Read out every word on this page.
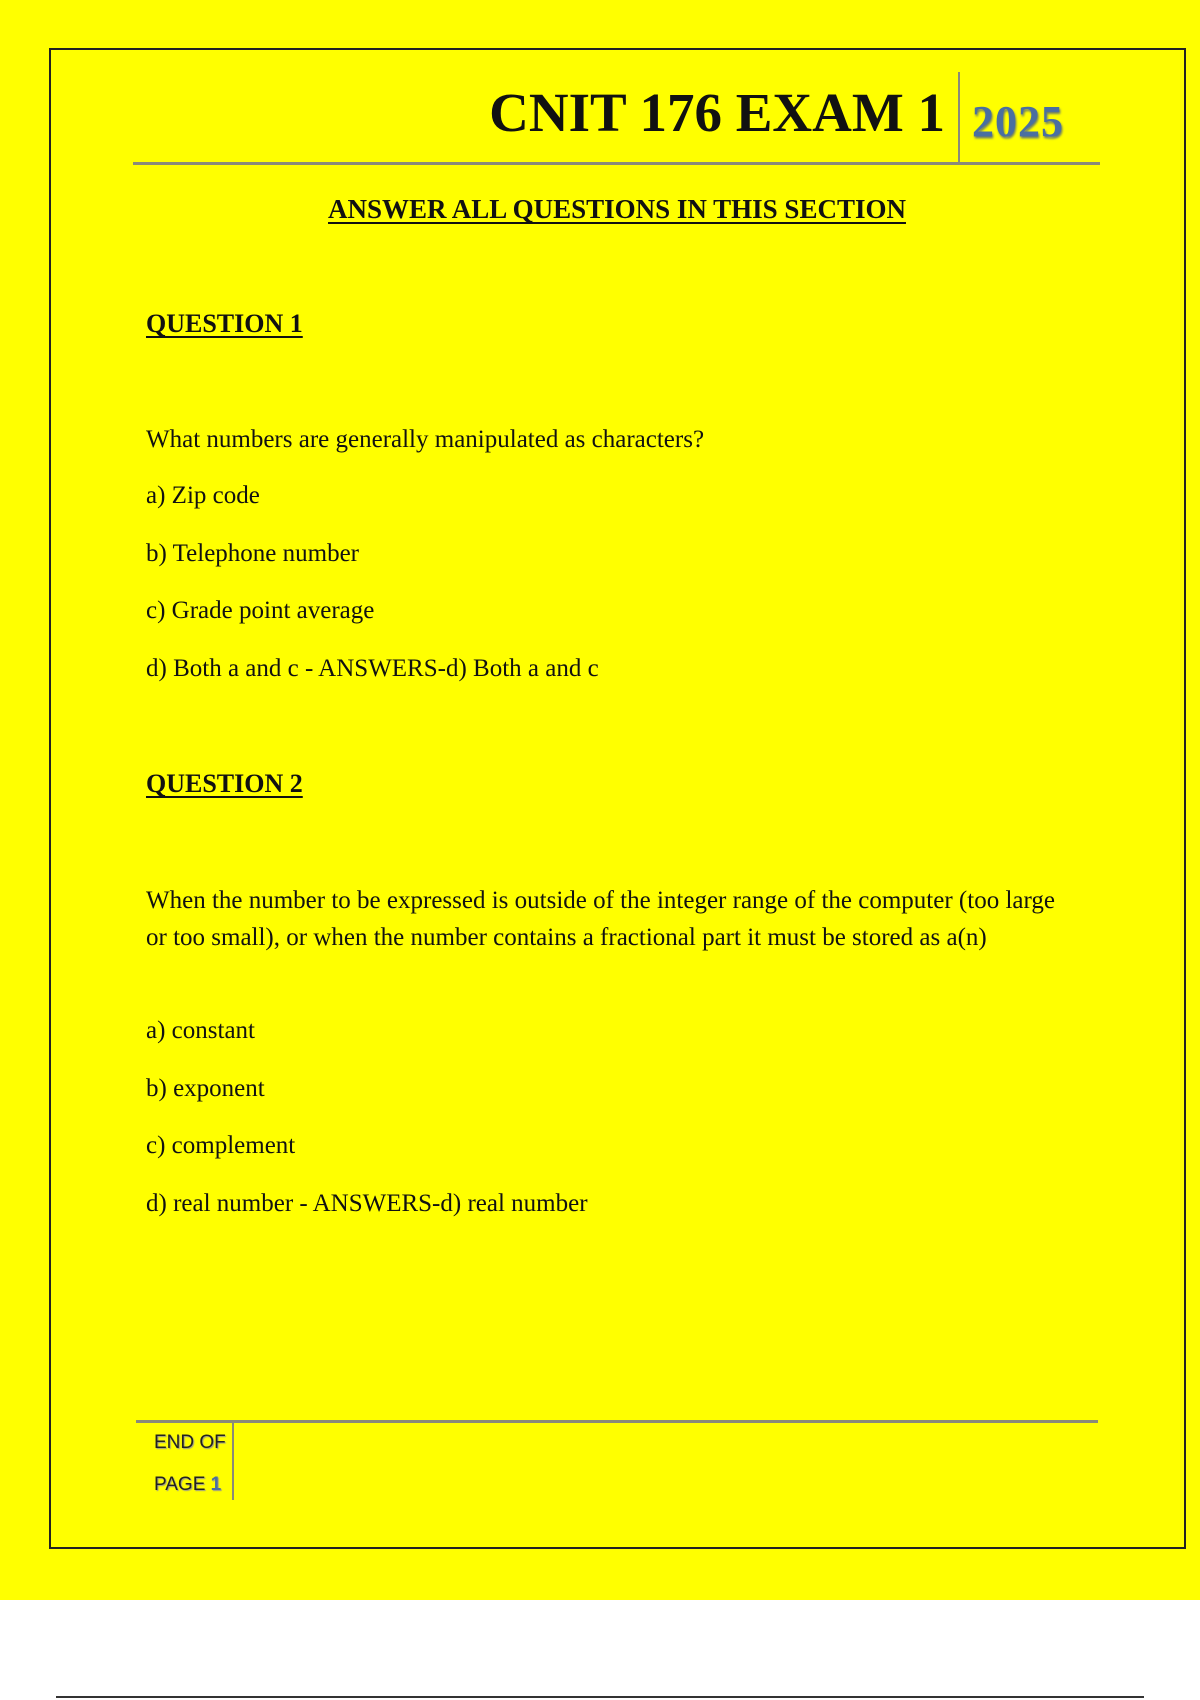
CNIT 176 EXAM 1 2025
ANSWER ALL QUESTIONS IN THIS SECTION
QUESTION 1
What numbers are generally manipulated as characters?
a) Zip code
b) Telephone number
c) Grade point average
d) Both a and c - ANSWERS-d) Both a and c
QUESTION 2
When the number to be expressed is outside of the integer range of the computer (too large or too small), or when the number contains a fractional part it must be stored as a(n)
a) constant
b) exponent
c) complement
d) real number - ANSWERS-d) real number
END OF
PAGE 1
